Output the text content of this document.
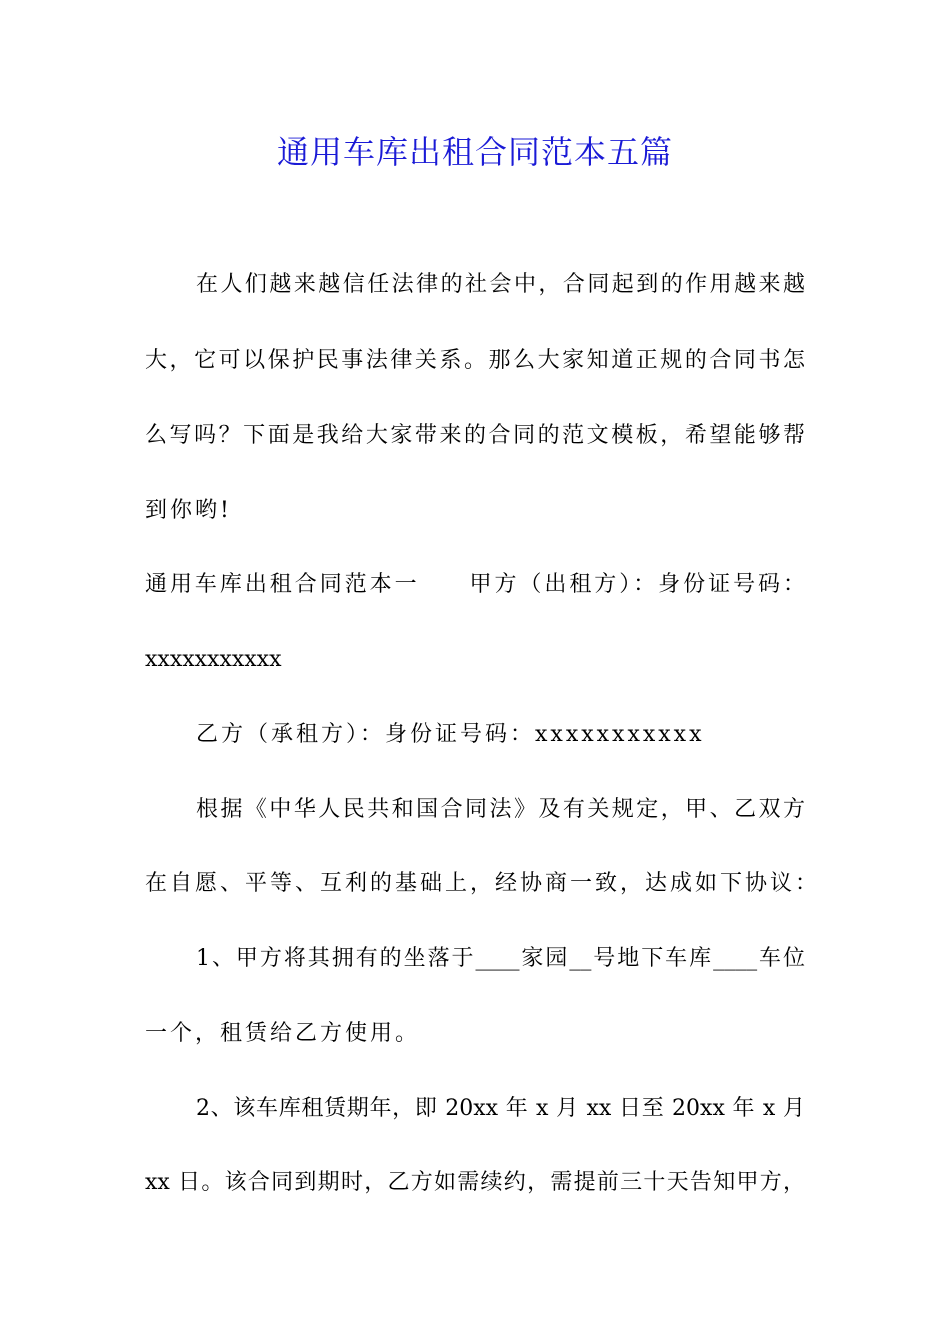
通用车库出租合同范本五篇
在人们越来越信任法律的社会中，合同起到的作用越来越
大，它可以保护民事法律关系。那么大家知道正规的合同书怎
么写吗？下面是我给大家带来的合同的范文模板，希望能够帮
到你哟!
通用车库出租合同范本一　　甲方（出租方）：身份证号码：
xxxxxxxxxxx
乙方（承租方）：身份证号码：xxxxxxxxxxx
根据《中华人民共和国合同法》及有关规定，甲、乙双方
在自愿、平等、互利的基础上，经协商一致，达成如下协议：
1、甲方将其拥有的坐落于____家园__号地下车库____车位
一个，租赁给乙方使用。
2、该车库租赁期年，即 20xx 年 x 月 xx 日至 20xx 年 x 月
xx 日。该合同到期时，乙方如需续约，需提前三十天告知甲方，
